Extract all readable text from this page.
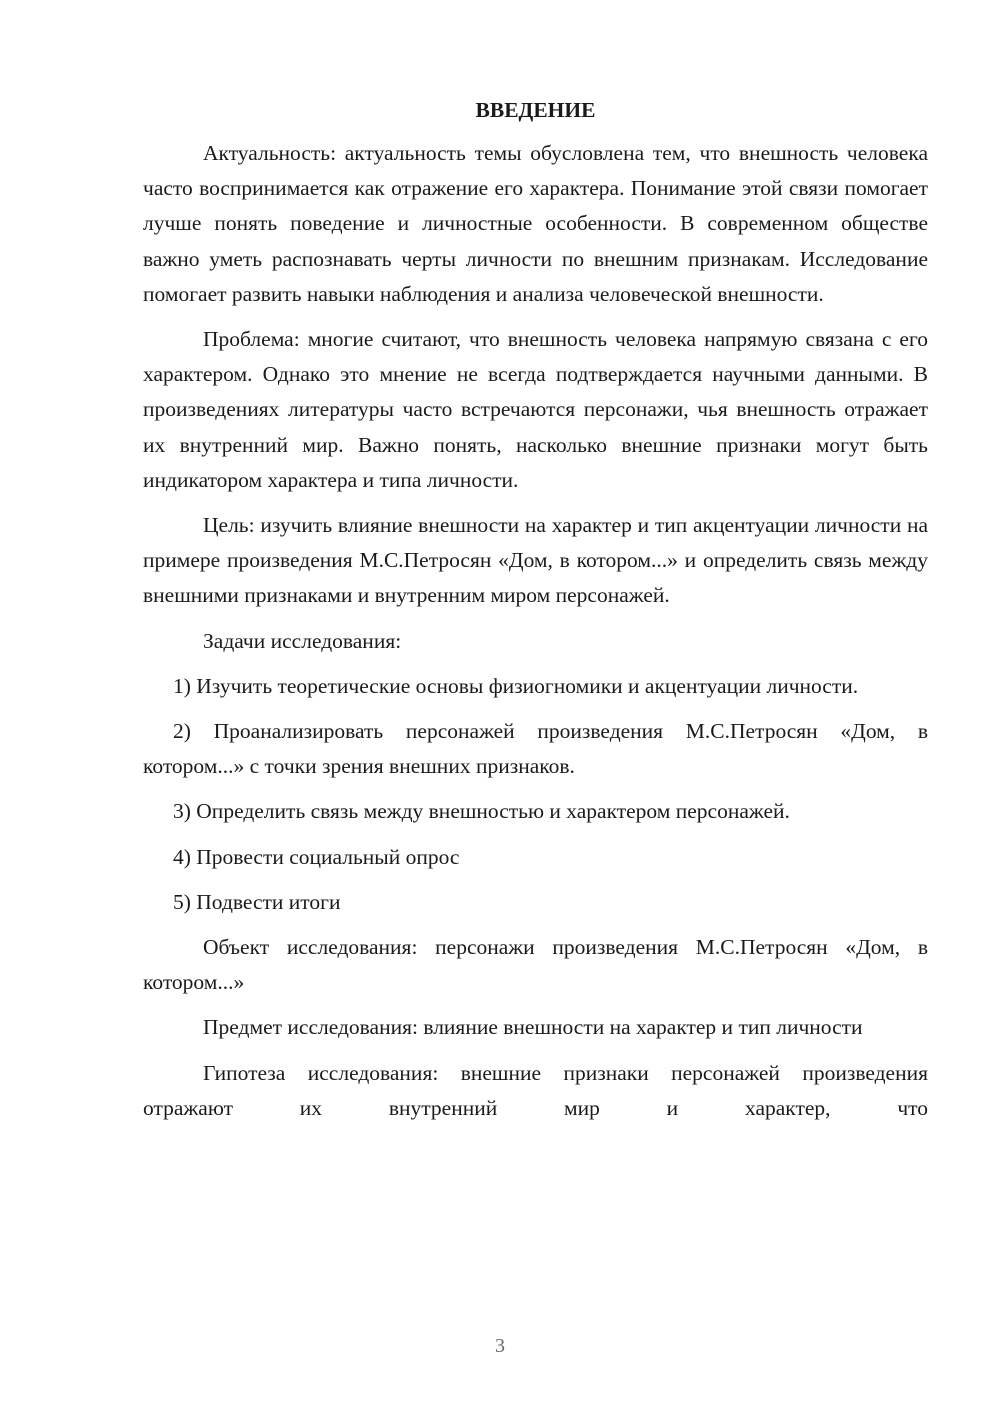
ВВЕДЕНИЕ

Актуальность: актуальность темы обусловлена тем, что внешность человека часто воспринимается как отражение его характера. Понимание этой связи помогает лучше понять поведение и личностные особенности. В современном обществе важно уметь распознавать черты личности по внешним признакам. Исследование помогает развить навыки наблюдения и анализа человеческой внешности.

Проблема: многие считают, что внешность человека напрямую связана с его характером. Однако это мнение не всегда подтверждается научными данными. В произведениях литературы часто встречаются персонажи, чья внешность отражает их внутренний мир. Важно понять, насколько внешние признаки могут быть индикатором характера и типа личности.

Цель: изучить влияние внешности на характер и тип акцентуации личности на примере произведения М.С.Петросян «Дом, в котором...» и определить связь между внешними признаками и внутренним миром персонажей.

Задачи исследования:

1) Изучить теоретические основы физиогномики и акцентуации личности.

2) Проанализировать персонажей произведения М.С.Петросян «Дом, в котором...» с точки зрения внешних признаков.

3) Определить связь между внешностью и характером персонажей.

4) Провести социальный опрос

5) Подвести итоги

Объект исследования: персонажи произведения М.С.Петросян «Дом, в котором...»

Предмет исследования: влияние внешности на характер и тип личности

Гипотеза исследования: внешние признаки персонажей произведения отражают их внутренний мир и характер, что

3
